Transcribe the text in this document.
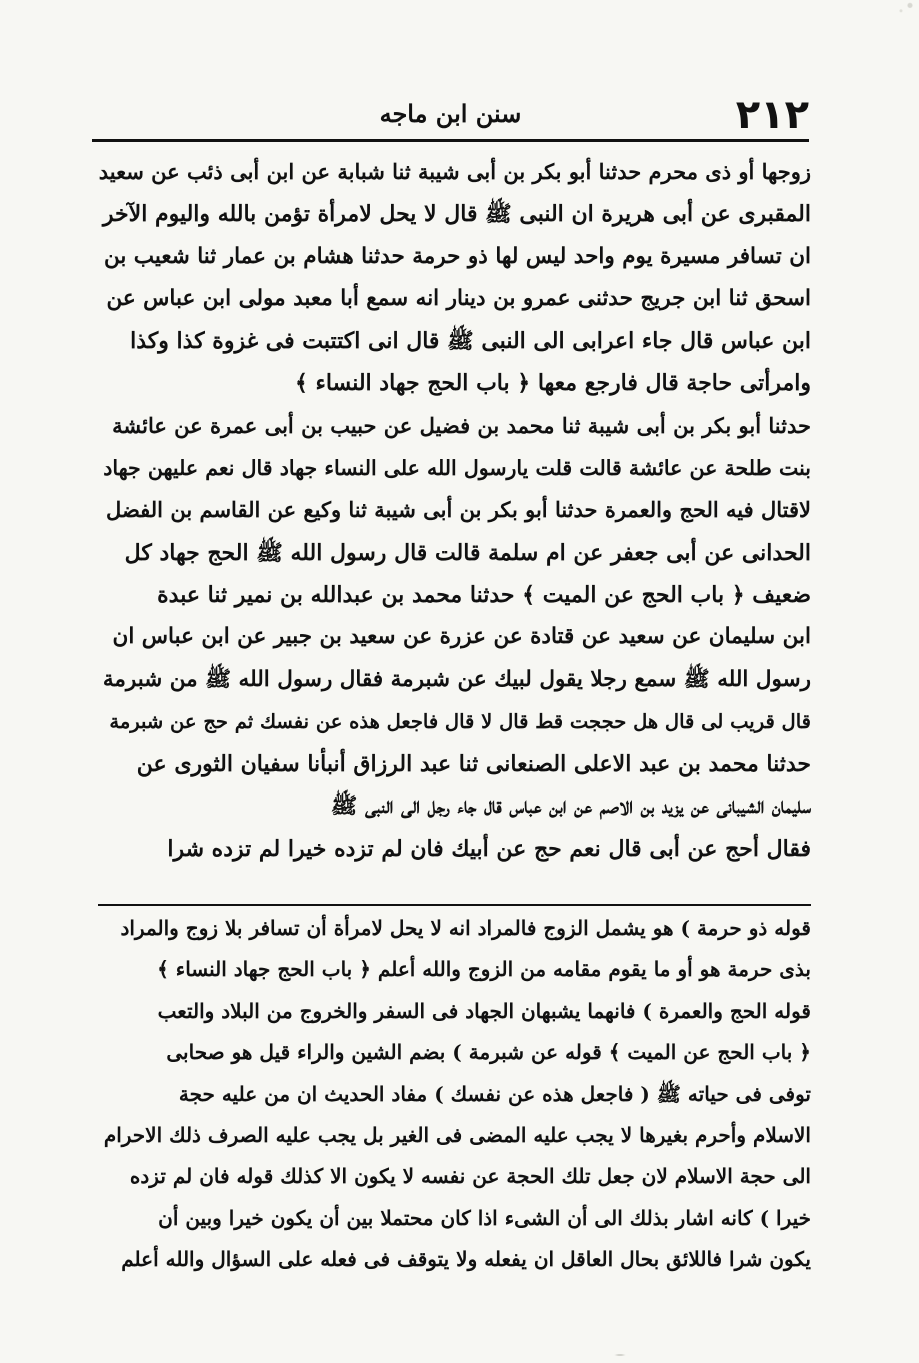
۲۱۲
سنن ابن ماجه
زوجها أو ذى محرم حدثنا أبو بكر بن أبى شيبة ثنا شبابة عن ابن أبى ذئب عن سعيد
المقبرى عن أبى هريرة ان النبى ﷺ قال لا يحل لامرأة تؤمن بالله واليوم الآخر
ان تسافر مسيرة يوم واحد ليس لها ذو حرمة حدثنا هشام بن عمار ثنا شعيب بن
اسحق ثنا ابن جريج حدثنى عمرو بن دينار انه سمع أبا معبد مولى ابن عباس عن
ابن عباس قال جاء اعرابى الى النبى ﷺ قال انى اكتتبت فى غزوة كذا وكذا
وامرأتى حاجة قال فارجع معها ﴿ باب الحج جهاد النساء ﴾
حدثنا أبو بكر بن أبى شيبة ثنا محمد بن فضيل عن حبيب بن أبى عمرة عن عائشة
بنت طلحة عن عائشة قالت قلت يارسول الله على النساء جهاد قال نعم عليهن جهاد
لاقتال فيه الحج والعمرة حدثنا أبو بكر بن أبى شيبة ثنا وكيع عن القاسم بن الفضل
الحدانى عن أبى جعفر عن ام سلمة قالت قال رسول الله ﷺ الحج جهاد كل
ضعيف ﴿ باب الحج عن الميت ﴾ حدثنا محمد بن عبدالله بن نمير ثنا عبدة
ابن سليمان عن سعيد عن قتادة عن عزرة عن سعيد بن جبير عن ابن عباس ان
رسول الله ﷺ سمع رجلا يقول لبيك عن شبرمة فقال رسول الله ﷺ من شبرمة
قال قريب لى قال هل حججت قط قال لا قال فاجعل هذه عن نفسك ثم حج عن شبرمة
حدثنا محمد بن عبد الاعلى الصنعانى ثنا عبد الرزاق أنبأنا سفيان الثورى عن
سليمان الشيبانى عن يزيد بن الاصم عن ابن عباس قال جاء رجل الى النبى ﷺ
فقال أحج عن أبى قال نعم حج عن أبيك فان لم تزده خيرا لم تزده شرا
قوله ذو حرمة ) هو يشمل الزوج فالمراد انه لا يحل لامرأة أن تسافر بلا زوج والمراد
بذى حرمة هو أو ما يقوم مقامه من الزوج والله أعلم ﴿ باب الحج جهاد النساء ﴾
قوله الحج والعمرة ) فانهما يشبهان الجهاد فى السفر والخروج من البلاد والتعب
﴿ باب الحج عن الميت ﴾ قوله عن شبرمة ) بضم الشين والراء قيل هو صحابى
توفى فى حياته ﷺ ( فاجعل هذه عن نفسك ) مفاد الحديث ان من عليه حجة
الاسلام وأحرم بغيرها لا يجب عليه المضى فى الغير بل يجب عليه الصرف ذلك الاحرام
الى حجة الاسلام لان جعل تلك الحجة عن نفسه لا يكون الا كذلك قوله فان لم تزده
خيرا ) كانه اشار بذلك الى أن الشىء اذا كان محتملا بين أن يكون خيرا وبين أن
يكون شرا فاللائق بحال العاقل ان يفعله ولا يتوقف فى فعله على السؤال والله أعلم
